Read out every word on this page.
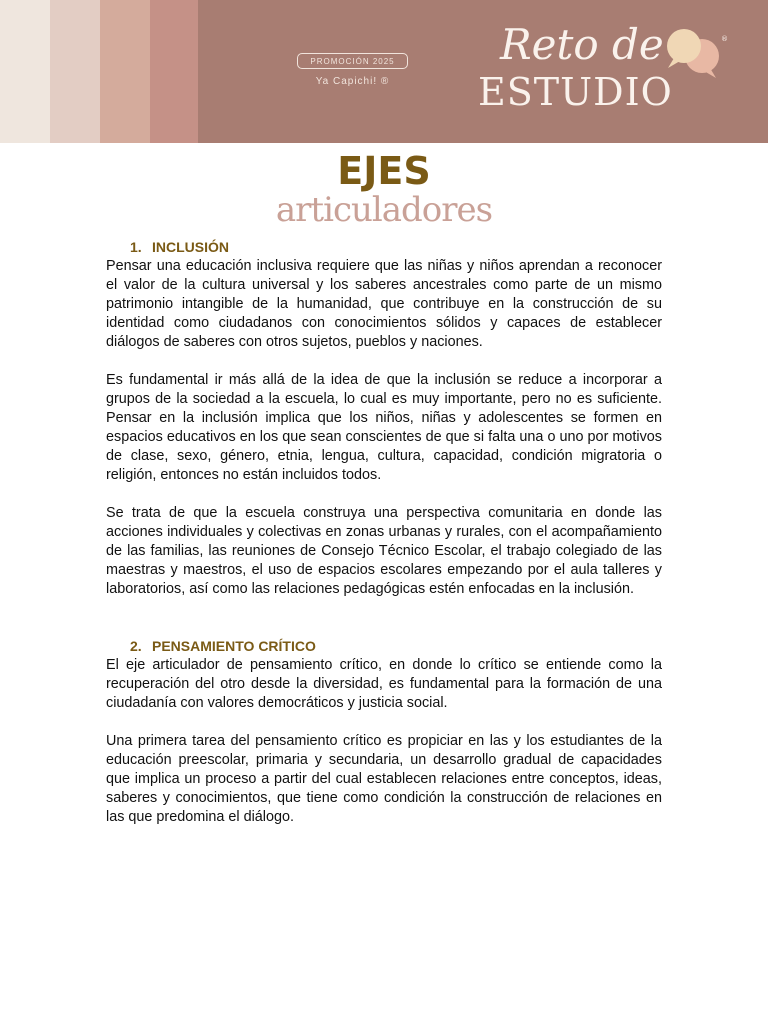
PROMOCIÓN 2025
Ya Capichi! ®
Reto de
ESTUDIO
®
EJES
articuladores

1. INCLUSIÓN

Pensar una educación inclusiva requiere que las niñas y niños aprendan a reconocer el valor de la cultura universal y los saberes ancestrales como parte de un mismo patrimonio intangible de la humanidad, que contribuye en la construcción de su identidad como ciudadanos con conocimientos sólidos y capaces de establecer diálogos de saberes con otros sujetos, pueblos y naciones.

Es fundamental ir más allá de la idea de que la inclusión se reduce a incorporar a grupos de la sociedad a la escuela, lo cual es muy importante, pero no es suficiente. Pensar en la inclusión implica que los niños, niñas y adolescentes se formen en espacios educativos en los que sean conscientes de que si falta una o uno por motivos de clase, sexo, género, etnia, lengua, cultura, capacidad, condición migratoria o religión, entonces no están incluidos todos.

Se trata de que la escuela construya una perspectiva comunitaria en donde las acciones individuales y colectivas en zonas urbanas y rurales, con el acompañamiento de las familias, las reuniones de Consejo Técnico Escolar, el trabajo colegiado de las maestras y maestros, el uso de espacios escolares empezando por el aula talleres y laboratorios, así como las relaciones pedagógicas estén enfocadas en la inclusión.

2. PENSAMIENTO CRÍTICO

El eje articulador de pensamiento crítico, en donde lo crítico se entiende como la recuperación del otro desde la diversidad, es fundamental para la formación de una ciudadanía con valores democráticos y justicia social.

Una primera tarea del pensamiento crítico es propiciar en las y los estudiantes de la educación preescolar, primaria y secundaria, un desarrollo gradual de capacidades que implica un proceso a partir del cual establecen relaciones entre conceptos, ideas, saberes y conocimientos, que tiene como condición la construcción de relaciones en las que predomina el diálogo.
